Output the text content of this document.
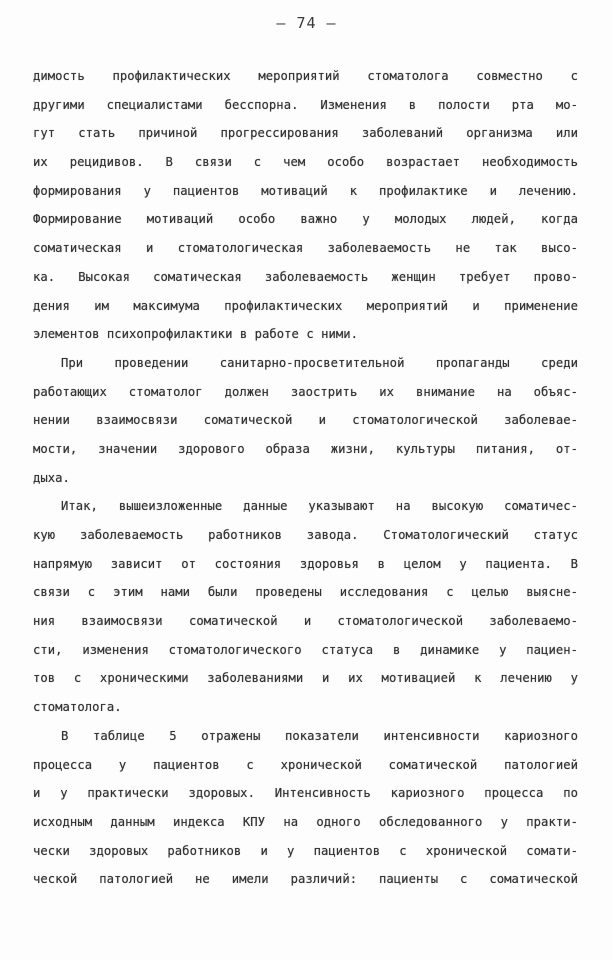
– 74 –
димость профилактических мероприятий стоматолога совместно с
другими специалистами бесспорна. Изменения в полости рта мо-
гут стать причиной прогрессирования заболеваний организма или
их рецидивов. В связи с чем особо возрастает необходимость
формирования у пациентов мотиваций к профилактике и лечению.
Формирование мотиваций особо важно у молодых людей, когда
соматическая и стоматологическая заболеваемость не так высо-
ка. Высокая соматическая заболеваемость женщин требует прово-
дения им максимума профилактических мероприятий и применение
элементов психопрофилактики в работе с ними.
При проведении санитарно-просветительной пропаганды среди
работающих стоматолог должен заострить их внимание на объяс-
нении взаимосвязи соматической и стоматологической заболевае-
мости, значении здорового образа жизни, культуры питания, от-
дыха.
Итак, вышеизложенные данные указывают на высокую соматичес-
кую заболеваемость работников завода. Стоматологический статус
напрямую зависит от состояния здоровья в целом у пациента. В
связи с этим нами были проведены исследования с целью выясне-
ния взаимосвязи соматической и стоматологической заболеваемо-
сти, изменения стоматологического статуса в динамике у пациен-
тов с хроническими заболеваниями и их мотивацией к лечению у
стоматолога.
В таблице 5 отражены показатели интенсивности кариозного
процесса у пациентов с хронической соматической патологией
и у практически здоровых. Интенсивность кариозного процесса по
исходным данным индекса КПУ на одного обследованного у практи-
чески здоровых работников и у пациентов с хронической сомати-
ческой патологией не имели различий: пациенты с соматической
